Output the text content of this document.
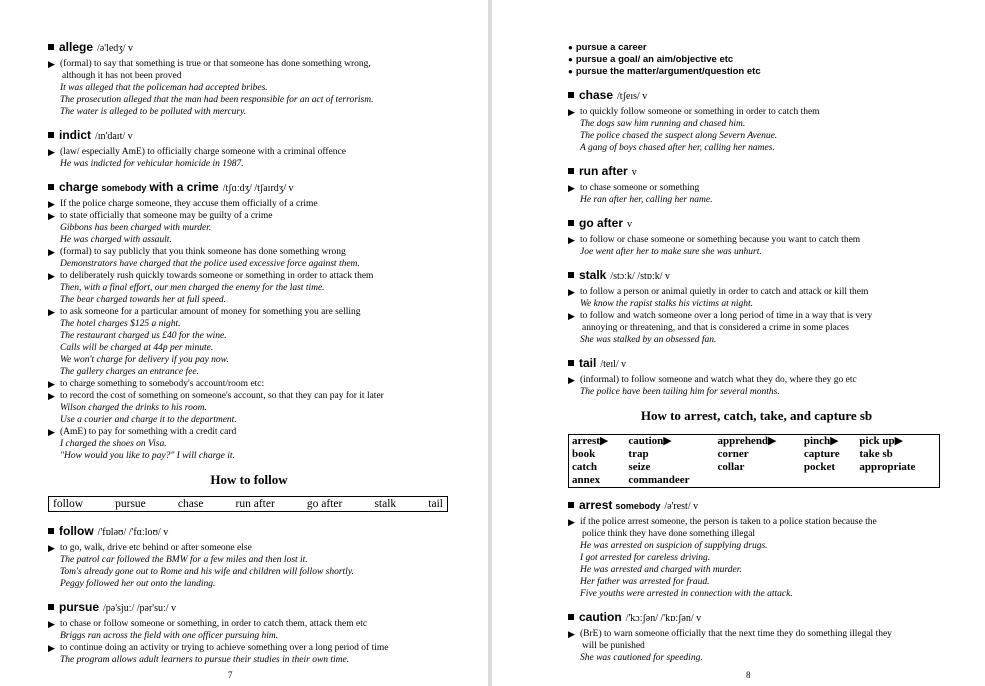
allege /ə'ledʒ/ v
▶ (formal) to say that something is true or that someone has done something wrong,
although it has not been proved
It was alleged that the policeman had accepted bribes.
The prosecution alleged that the man had been responsible for an act of terrorism.
The water is alleged to be polluted with mercury.
indict /ɪn'daɪt/ v
▶ (law/ especially AmE) to officially charge someone with a criminal offence
He was indicted for vehicular homicide in 1987.
charge somebody with a crime /tʃɑːdʒ/ /tʃaɪrdʒ/ v
▶ If the police charge someone, they accuse them officially of a crime
▶ to state officially that someone may be guilty of a crime
Gibbons has been charged with murder.
He was charged with assault.
▶ (formal) to say publicly that you think someone has done something wrong
Demonstrators have charged that the police used excessive force against them.
▶ to deliberately rush quickly towards someone or something in order to attack them
Then, with a final effort, our men charged the enemy for the last time.
The bear charged towards her at full speed.
▶ to ask someone for a particular amount of money for something you are selling
The hotel charges $125 a night.
The restaurant charged us £40 for the wine.
Calls will be charged at 44p per minute.
We won't charge for delivery if you pay now.
The gallery charges an entrance fee.
▶ to charge something to somebody's account/room etc:
▶ to record the cost of something on someone's account, so that they can pay for it later
Wilson charged the drinks to his room.
Use a courier and charge it to the department.
▶ (AmE) to pay for something with a credit card
I charged the shoes on Visa.
"How would you like to pay?" I will charge it.
How to follow
follow	pursue	chase	run after	go after	stalk	tail
follow /'fɒləʊ/ /'fɑːloʊ/ v
▶ to go, walk, drive etc behind or after someone else
The patrol car followed the BMW for a few miles and then lost it.
Tom's already gone out to Rome and his wife and children will follow shortly.
Peggy followed her out onto the landing.
pursue /pə'sjuː/ /pər'suː/ v
▶ to chase or follow someone or something, in order to catch them, attack them etc
Briggs ran across the field with one officer pursuing him.
▶ to continue doing an activity or trying to achieve something over a long period of time
The program allows adult learners to pursue their studies in their own time.
7
● pursue a career
● pursue a goal/ an aim/objective etc
● pursue the matter/argument/question etc
chase /tʃeɪs/ v
▶ to quickly follow someone or something in order to catch them
The dogs saw him running and chased him.
The police chased the suspect along Severn Avenue.
A gang of boys chased after her, calling her names.
run after v
▶ to chase someone or something
He ran after her, calling her name.
go after v
▶ to follow or chase someone or something because you want to catch them
Joe went after her to make sure she was unhurt.
stalk /stɔːk/ /stɒːk/ v
▶ to follow a person or animal quietly in order to catch and attack or kill them
We know the rapist stalks his victims at night.
▶ to follow and watch someone over a long period of time in a way that is very
annoying or threatening, and that is considered a crime in some places
She was stalked by an obsessed fan.
tail /teɪl/ v
▶ (informal) to follow someone and watch what they do, where they go etc
The police have been tailing him for several months.
How to arrest, catch, take, and capture sb
arrest▶	caution▶	apprehend▶	pinch▶	pick up▶
book	trap	corner	capture	take sb
catch	seize	collar	pocket	appropriate
annex	commandeer			
arrest somebody /ə'rest/ v
▶ if the police arrest someone, the person is taken to a police station because the
police think they have done something illegal
He was arrested on suspicion of supplying drugs.
I got arrested for careless driving.
He was arrested and charged with murder.
Her father was arrested for fraud.
Five youths were arrested in connection with the attack.
caution /'kɔːʃən/ /'kɒːʃən/ v
▶ (BrE) to warn someone officially that the next time they do something illegal they
will be punished
She was cautioned for speeding.
8
